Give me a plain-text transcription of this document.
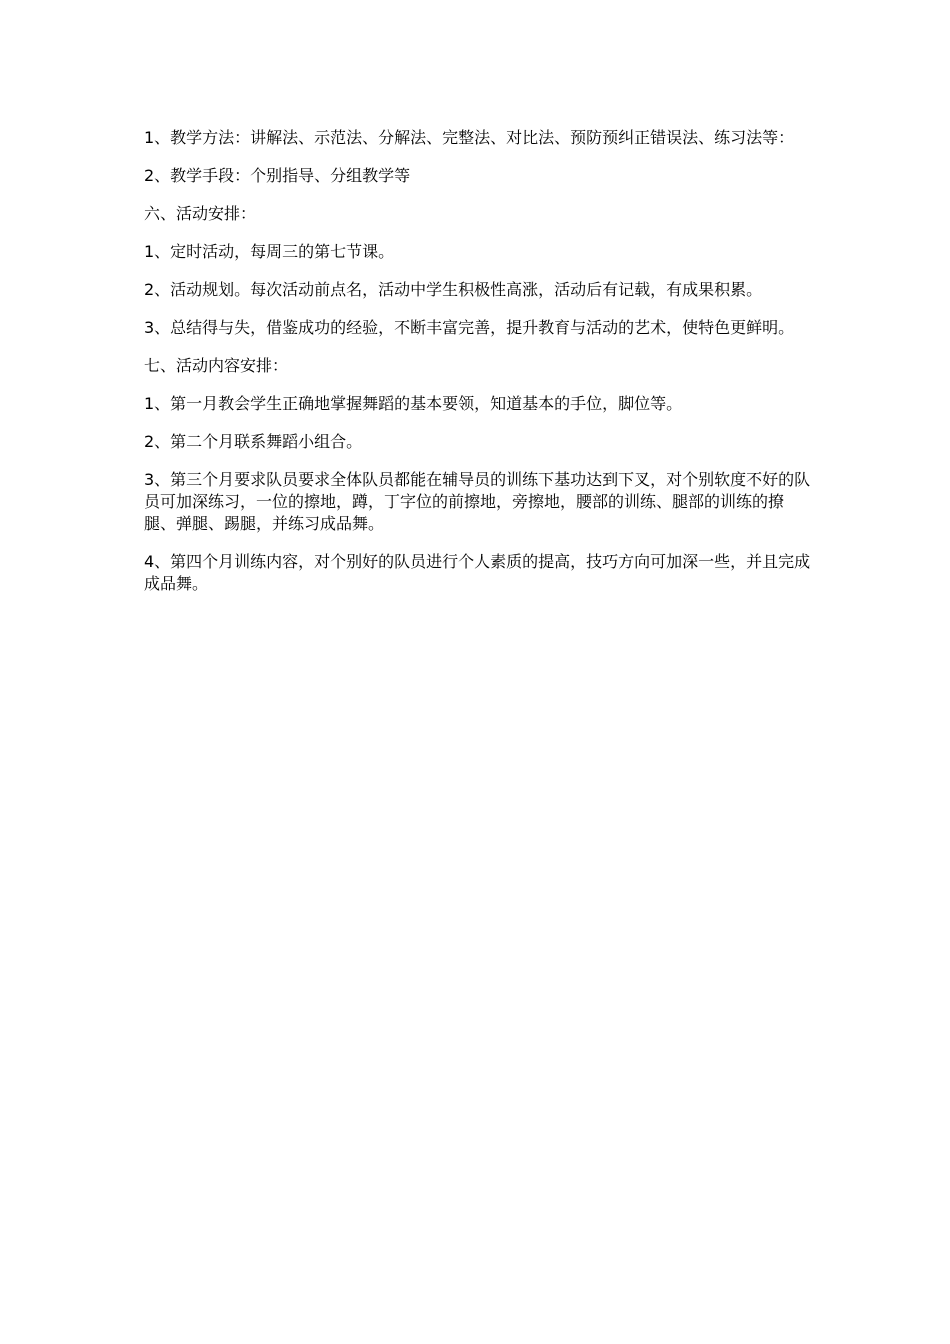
1、教学方法：讲解法、示范法、分解法、完整法、对比法、预防预纠正错误法、练习法等：

2、教学手段：个别指导、分组教学等

六、活动安排：

1、定时活动，每周三的第七节课。

2、活动规划。每次活动前点名，活动中学生积极性高涨，活动后有记载，有成果积累。

3、总结得与失，借鉴成功的经验，不断丰富完善，提升教育与活动的艺术，使特色更鲜明。

七、活动内容安排：

1、第一月教会学生正确地掌握舞蹈的基本要领，知道基本的手位，脚位等。

2、第二个月联系舞蹈小组合。

3、第三个月要求队员要求全体队员都能在辅导员的训练下基功达到下叉，对个别软度不好的队员可加深练习，一位的擦地，蹲，丁字位的前擦地，旁擦地，腰部的训练、腿部的训练的撩腿、弹腿、踢腿，并练习成品舞。

4、第四个月训练内容，对个别好的队员进行个人素质的提高，技巧方向可加深一些，并且完成成品舞。
